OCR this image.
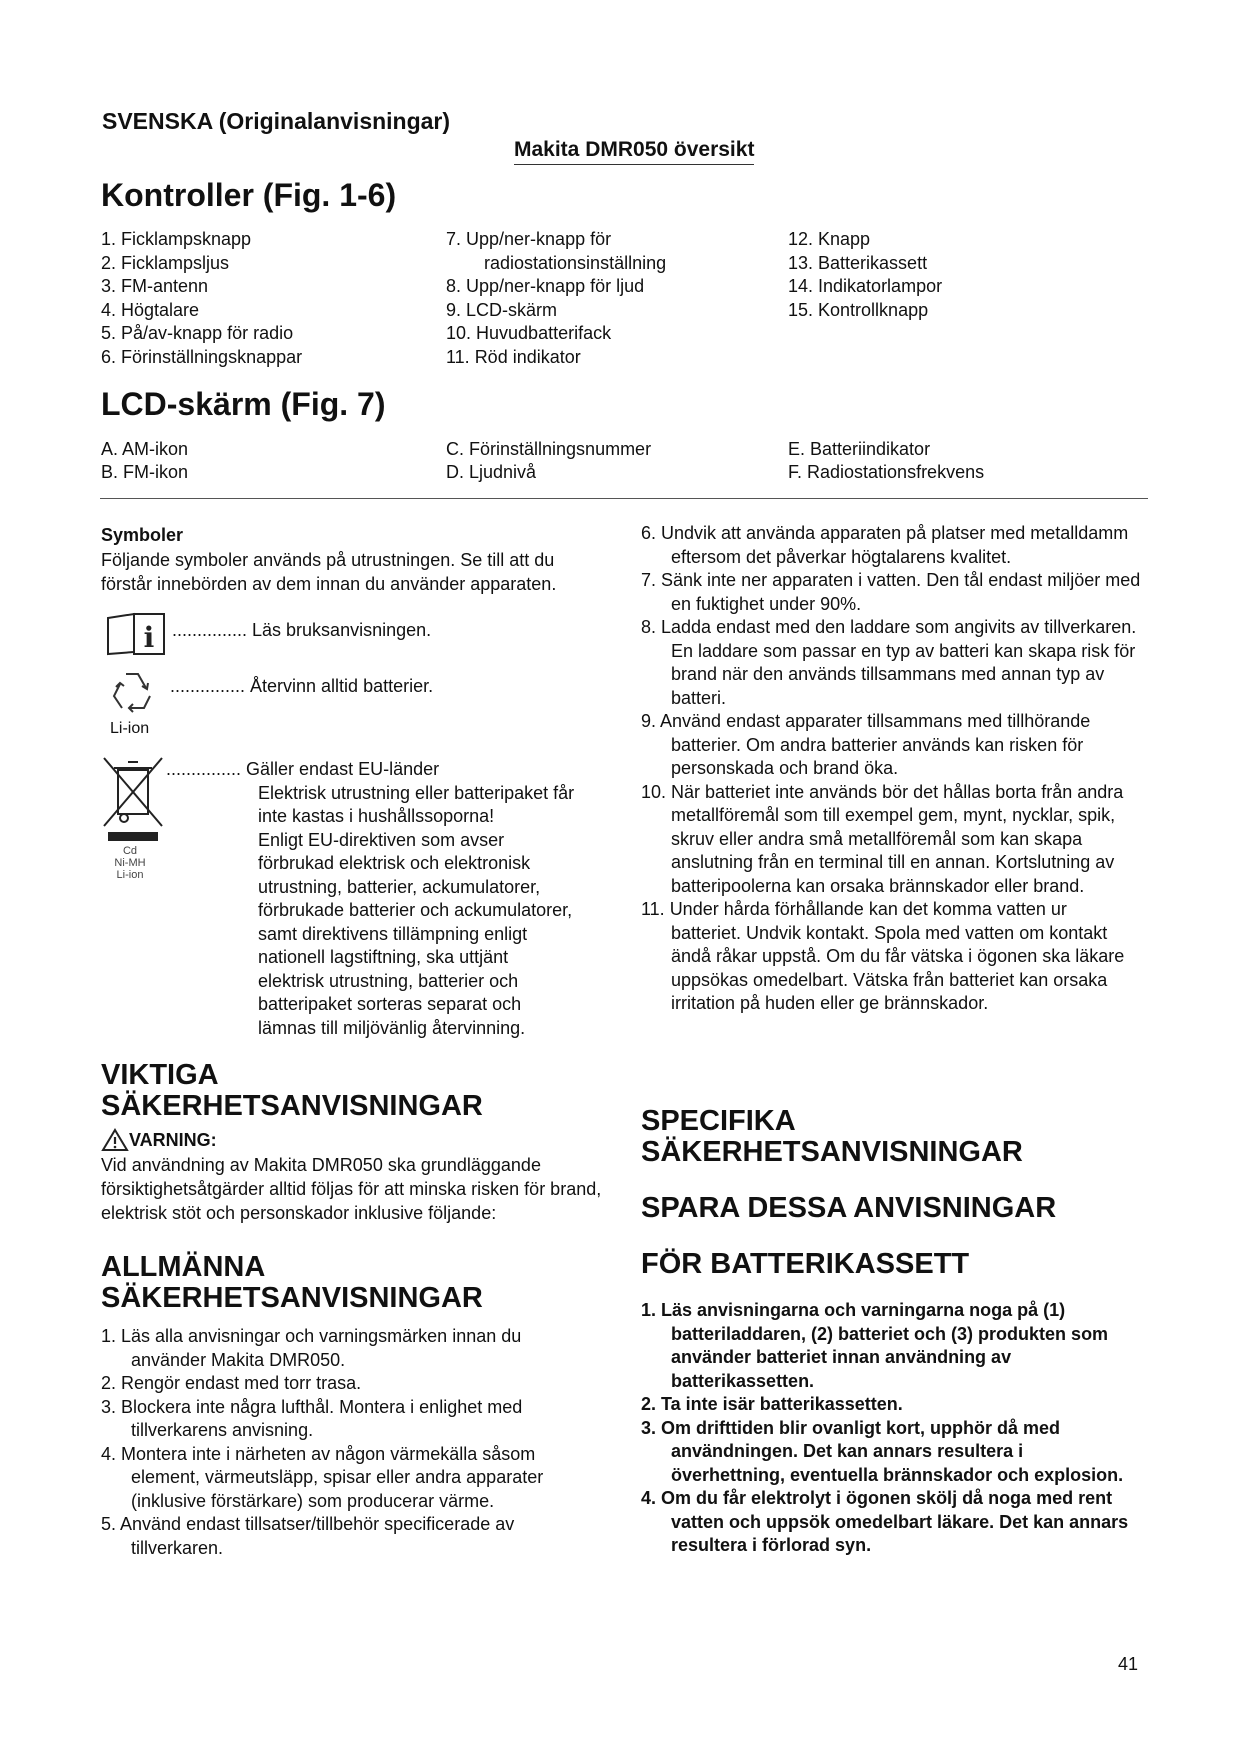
SVENSKA (Originalanvisningar)
Makita DMR050 översikt
Kontroller (Fig. 1-6)
1. Ficklampsknapp
2. Ficklampsljus
3. FM-antenn
4. Högtalare
5. På/av-knapp för radio
6. Förinställningsknappar
7. Upp/ner-knapp för
radiostationsinställning
8. Upp/ner-knapp för ljud
9. LCD-skärm
10. Huvudbatterifack
11. Röd indikator
12. Knapp
13. Batterikassett
14. Indikatorlampor
15. Kontrollknapp
LCD-skärm (Fig. 7)
A. AM-ikon
B. FM-ikon
C. Förinställningsnummer
D. Ljudnivå
E. Batteriindikator
F. Radiostationsfrekvens
Symboler
Följande symboler används på utrustningen. Se till att du förstår innebörden av dem innan du använder apparaten.
i ............... Läs bruksanvisningen.
Li-ion
............... Återvinn alltid batterier.
Cd
Ni-MH
Li-ion
............... Gäller endast EU-länder
Elektrisk utrustning eller batteripaket får
inte kastas i hushållssoporna!
Enligt EU-direktiven som avser
förbrukad elektrisk och elektronisk
utrustning, batterier, ackumulatorer,
förbrukade batterier och ackumulatorer,
samt direktivens tillämpning enligt
nationell lagstiftning, ska uttjänt
elektrisk utrustning, batterier och
batteripaket sorteras separat och
lämnas till miljövänlig återvinning.
VIKTIGA
SÄKERHETSANVISNINGAR
VARNING:
Vid användning av Makita DMR050 ska grundläggande försiktighetsåtgärder alltid följas för att minska risken för brand, elektrisk stöt och personskador inklusive följande:
ALLMÄNNA
SÄKERHETSANVISNINGAR
1. Läs alla anvisningar och varningsmärken innan du använder Makita DMR050.
2. Rengör endast med torr trasa.
3. Blockera inte några lufthål. Montera i enlighet med tillverkarens anvisning.
4. Montera inte i närheten av någon värmekälla såsom element, värmeutsläpp, spisar eller andra apparater (inklusive förstärkare) som producerar värme.
5. Använd endast tillsatser/tillbehör specificerade av tillverkaren.
6. Undvik att använda apparaten på platser med metalldamm eftersom det påverkar högtalarens kvalitet.
7. Sänk inte ner apparaten i vatten. Den tål endast miljöer med en fuktighet under 90%.
8. Ladda endast med den laddare som angivits av tillverkaren. En laddare som passar en typ av batteri kan skapa risk för brand när den används tillsammans med annan typ av batteri.
9. Använd endast apparater tillsammans med tillhörande batterier. Om andra batterier används kan risken för personskada och brand öka.
10. När batteriet inte används bör det hållas borta från andra metallföremål som till exempel gem, mynt, nycklar, spik, skruv eller andra små metallföremål som kan skapa anslutning från en terminal till en annan. Kortslutning av batteripoolerna kan orsaka brännskador eller brand.
11. Under hårda förhållande kan det komma vatten ur batteriet. Undvik kontakt. Spola med vatten om kontakt ändå råkar uppstå. Om du får vätska i ögonen ska läkare uppsökas omedelbart. Vätska från batteriet kan orsaka irritation på huden eller ge brännskador.
SPECIFIKA
SÄKERHETSANVISNINGAR
SPARA DESSA ANVISNINGAR
FÖR BATTERIKASSETT
1. Läs anvisningarna och varningarna noga på (1) batteriladdaren, (2) batteriet och (3) produkten som använder batteriet innan användning av batterikassetten.
2. Ta inte isär batterikassetten.
3. Om drifttiden blir ovanligt kort, upphör då med användningen. Det kan annars resultera i överhettning, eventuella brännskador och explosion.
4. Om du får elektrolyt i ögonen skölj då noga med rent vatten och uppsök omedelbart läkare. Det kan annars resultera i förlorad syn.
41
